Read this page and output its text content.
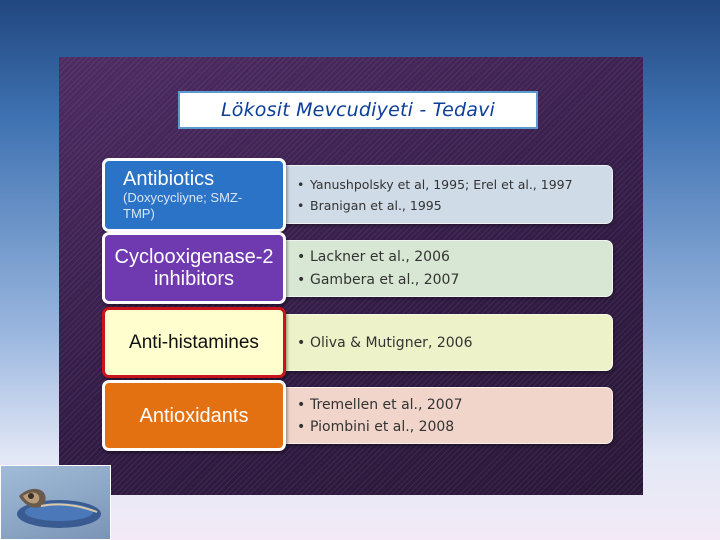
Lökosit Mevcudiyeti - Tedavi
Antibiotics
(Doxycycliyne; SMZ-TMP)
• Yanushpolsky et al, 1995; Erel et al., 1997
• Branigan et al., 1995
Cyclooxigenase-2 inhibitors
• Lackner et al., 2006
• Gambera et al., 2007
Anti-histamines	• Oliva & Mutigner, 2006
Antioxidants	• Tremellen et al., 2007
• Piombini et al., 2008
